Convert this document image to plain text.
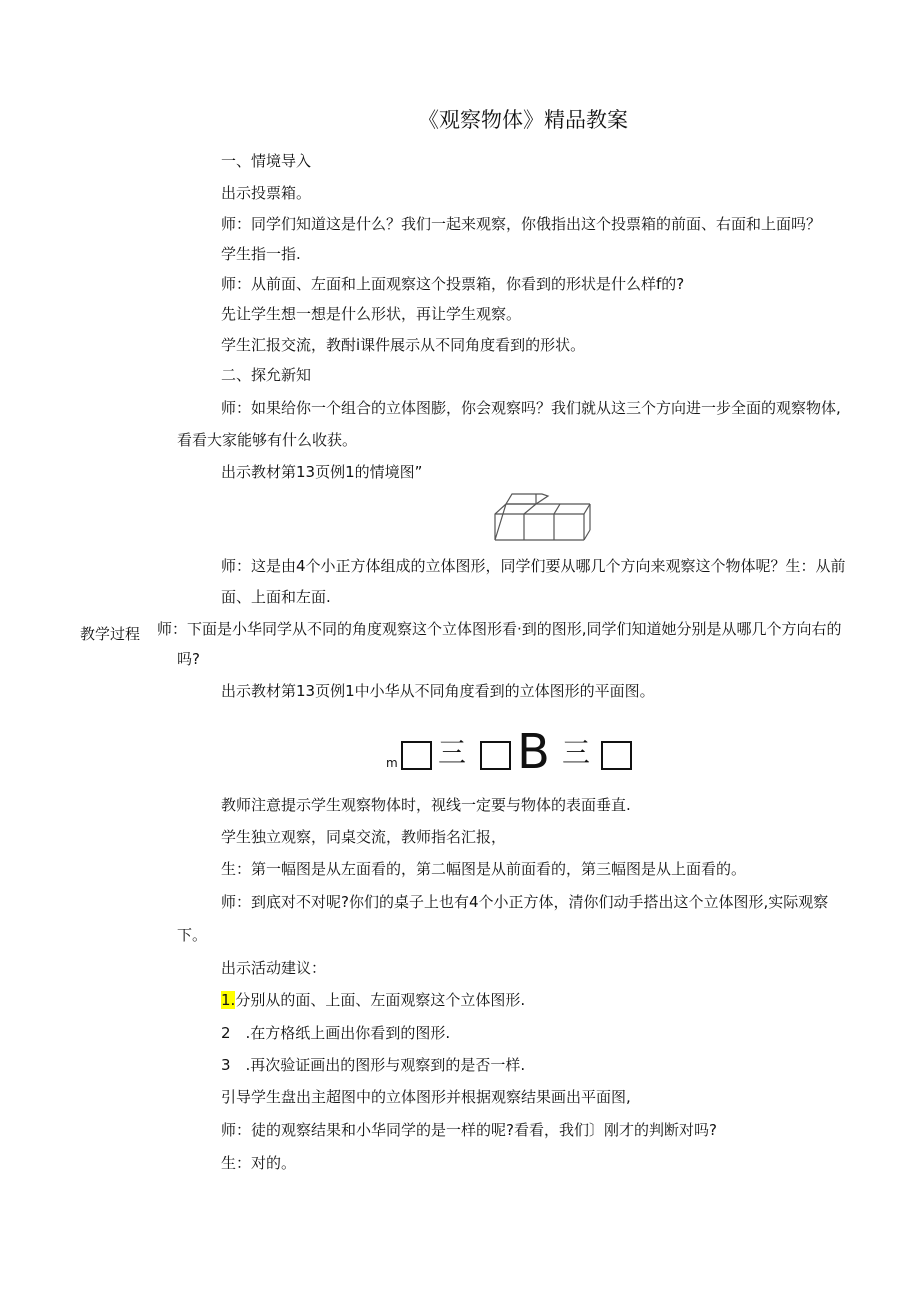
《观察物体》精品教案
一、情境导入
出示投票箱。
师：同学们知道这是什么？我们一起来观察，你俄指出这个投票箱的前面、右面和上面吗？
学生指一指.
师：从前面、左面和上面观察这个投票箱，你看到的形状是什么样f的?
先让学生想一想是什么形状，再让学生观察。
学生汇报交流，教酎i课件展示从不同角度看到的形状。
二、探允新知
师：如果给你一个组合的立体图膨，你会观察吗？我们就从这三个方向进一步全面的观察物体,
看看大家能够有什么收获。
出示教材第13页例1的情境图”
师：这是由4个小正方体组成的立体图形，同学们要从哪几个方向来观察这个物体呢？生：从前
面、上面和左面.
教学过程 师：下面是小华同学从不同的角度观察这个立体图形看·到的图形,同学们知道她分别是从哪几个方向右的
吗?
出示教材第13页例1中小华从不同角度看到的立体图形的平面图。
m 三 B 三
教师注意提示学生观察物体时，视线一定要与物体的表面垂直.
学生独立观察，同桌交流，教师指名汇报，
生：第一幅图是从左面看的，第二幅图是从前面看的，第三幅图是从上面看的。
师：到底对不对呢?你们的桌子上也有4个小正方体，清你们动手搭出这个立体图形,实际观察
下。
出示活动建议：
1.分别从的面、上面、左面观察这个立体图形.
2　.在方格纸上画出你看到的图形.
3　.再次验证画出的图形与观察到的是否一样.
引导学生盘出主超图中的立体图形并根据观察结果画出平面图,
师：徒的观察结果和小华同学的是一样的呢?看看，我们〕刚才的判断对吗?
生：对的。
